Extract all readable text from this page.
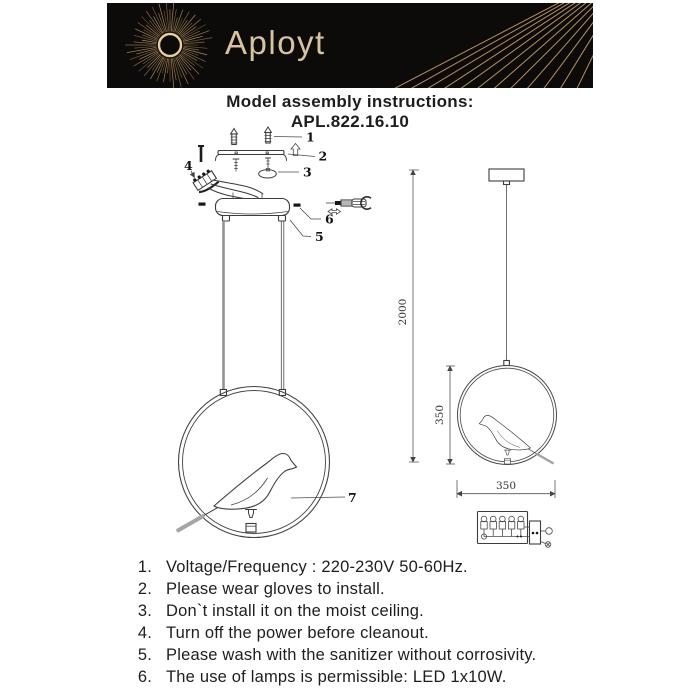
Aployt
Model assembly instructions:
APL.822.16.10
1
2
3
4
6
5
7
2000
350
350
1. Voltage/Frequency : 220-230V 50-60Hz.
2. Please wear gloves to install.
3. Don`t install it on the moist ceiling.
4. Turn off the power before cleanout.
5. Please wash with the sanitizer without corrosivity.
6. The use of lamps is permissible: LED 1x10W.
